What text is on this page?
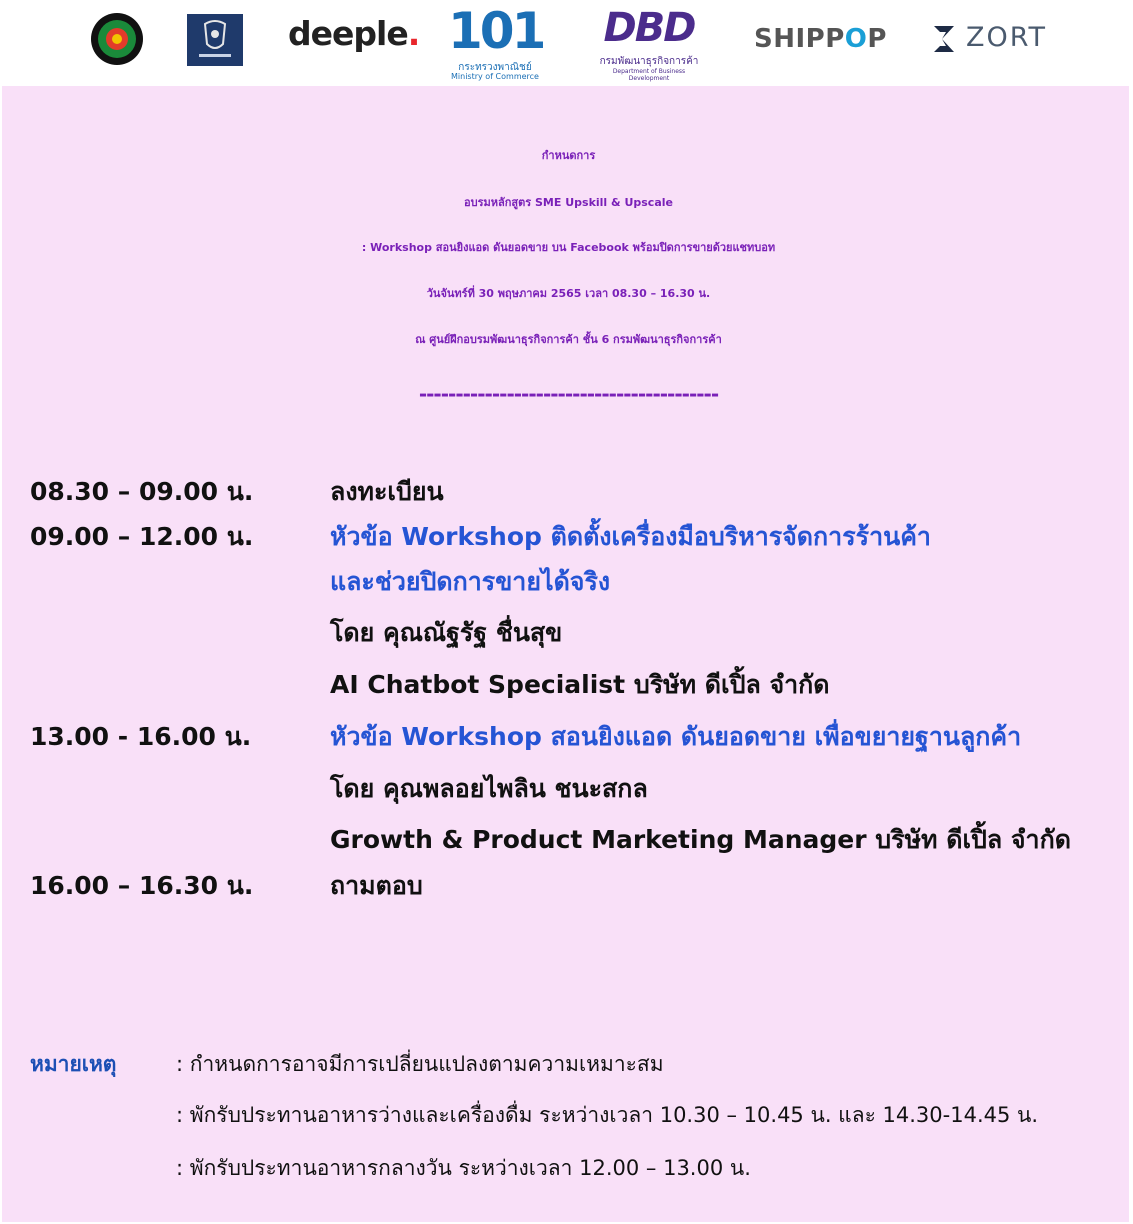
deeple. 101
กระทรวงพาณิชย์
Ministry of Commerce
DBD
กรมพัฒนาธุรกิจการค้า
Department of Business Development
SHIPPOP	ZORT
กำหนดการ
อบรมหลักสูตร SME Upskill & Upscale
: Workshop สอนยิงแอด ดันยอดขาย บน Facebook พร้อมปิดการขายด้วยแชทบอท
วันจันทร์ที่ 30 พฤษภาคม 2565 เวลา 08.30 – 16.30 น.
ณ ศูนย์ฝึกอบรมพัฒนาธุรกิจการค้า ชั้น 6 กรมพัฒนาธุรกิจการค้า
-----------------------------------------
08.30 – 09.00 น.	ลงทะเบียน
09.00 – 12.00 น.	หัวข้อ Workshop ติดตั้งเครื่องมือบริหารจัดการร้านค้า
และช่วยปิดการขายได้จริง
โดย คุณณัฐรัฐ ชื่นสุข
AI Chatbot Specialist บริษัท ดีเปิ้ล จำกัด
13.00 - 16.00 น.	หัวข้อ Workshop สอนยิงแอด ดันยอดขาย เพื่อขยายฐานลูกค้า
โดย คุณพลอยไพลิน ชนะสกล
Growth & Product Marketing Manager บริษัท ดีเปิ้ล จำกัด
16.00 – 16.30 น.	ถามตอบ
หมายเหตุ	: กำหนดการอาจมีการเปลี่ยนแปลงตามความเหมาะสม
: พักรับประทานอาหารว่างและเครื่องดื่ม ระหว่างเวลา 10.30 – 10.45 น. และ 14.30-14.45 น.
: พักรับประทานอาหารกลางวัน ระหว่างเวลา 12.00 – 13.00 น.
